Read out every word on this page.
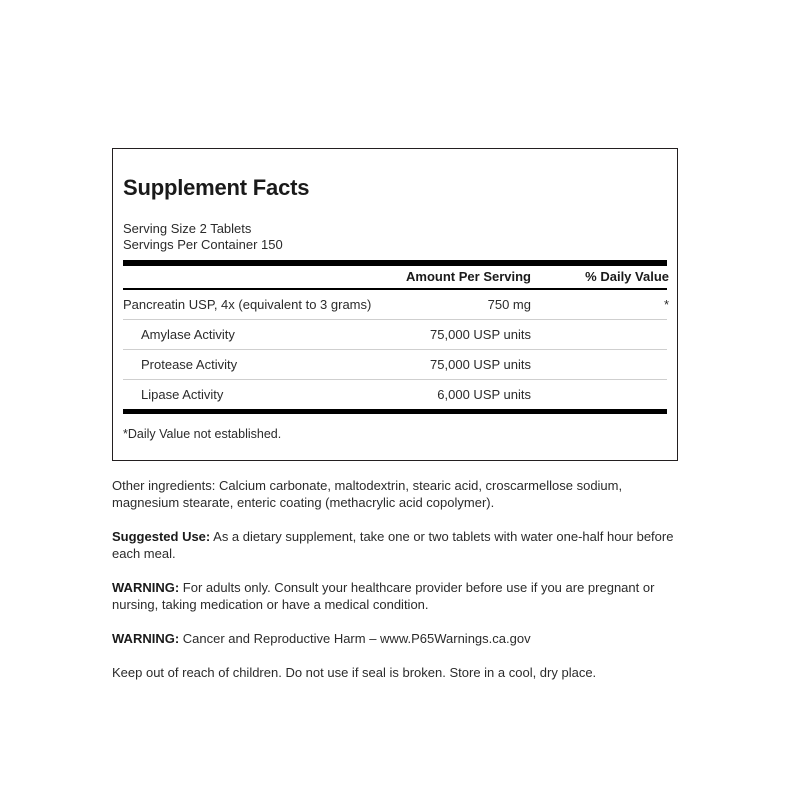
Supplement Facts
Serving Size 2 Tablets
Servings Per Container 150
	Amount Per Serving	% Daily Value
Pancreatin USP, 4x (equivalent to 3 grams)	750 mg	*
Amylase Activity	75,000 USP units	
Protease Activity	75,000 USP units	
Lipase Activity	6,000 USP units	
*Daily Value not established.

Other ingredients: Calcium carbonate, maltodextrin, stearic acid, croscarmellose sodium, magnesium stearate, enteric coating (methacrylic acid copolymer).

Suggested Use: As a dietary supplement, take one or two tablets with water one-half hour before each meal.

WARNING: For adults only. Consult your healthcare provider before use if you are pregnant or nursing, taking medication or have a medical condition.

WARNING: Cancer and Reproductive Harm – www.P65Warnings.ca.gov

Keep out of reach of children. Do not use if seal is broken. Store in a cool, dry place.
